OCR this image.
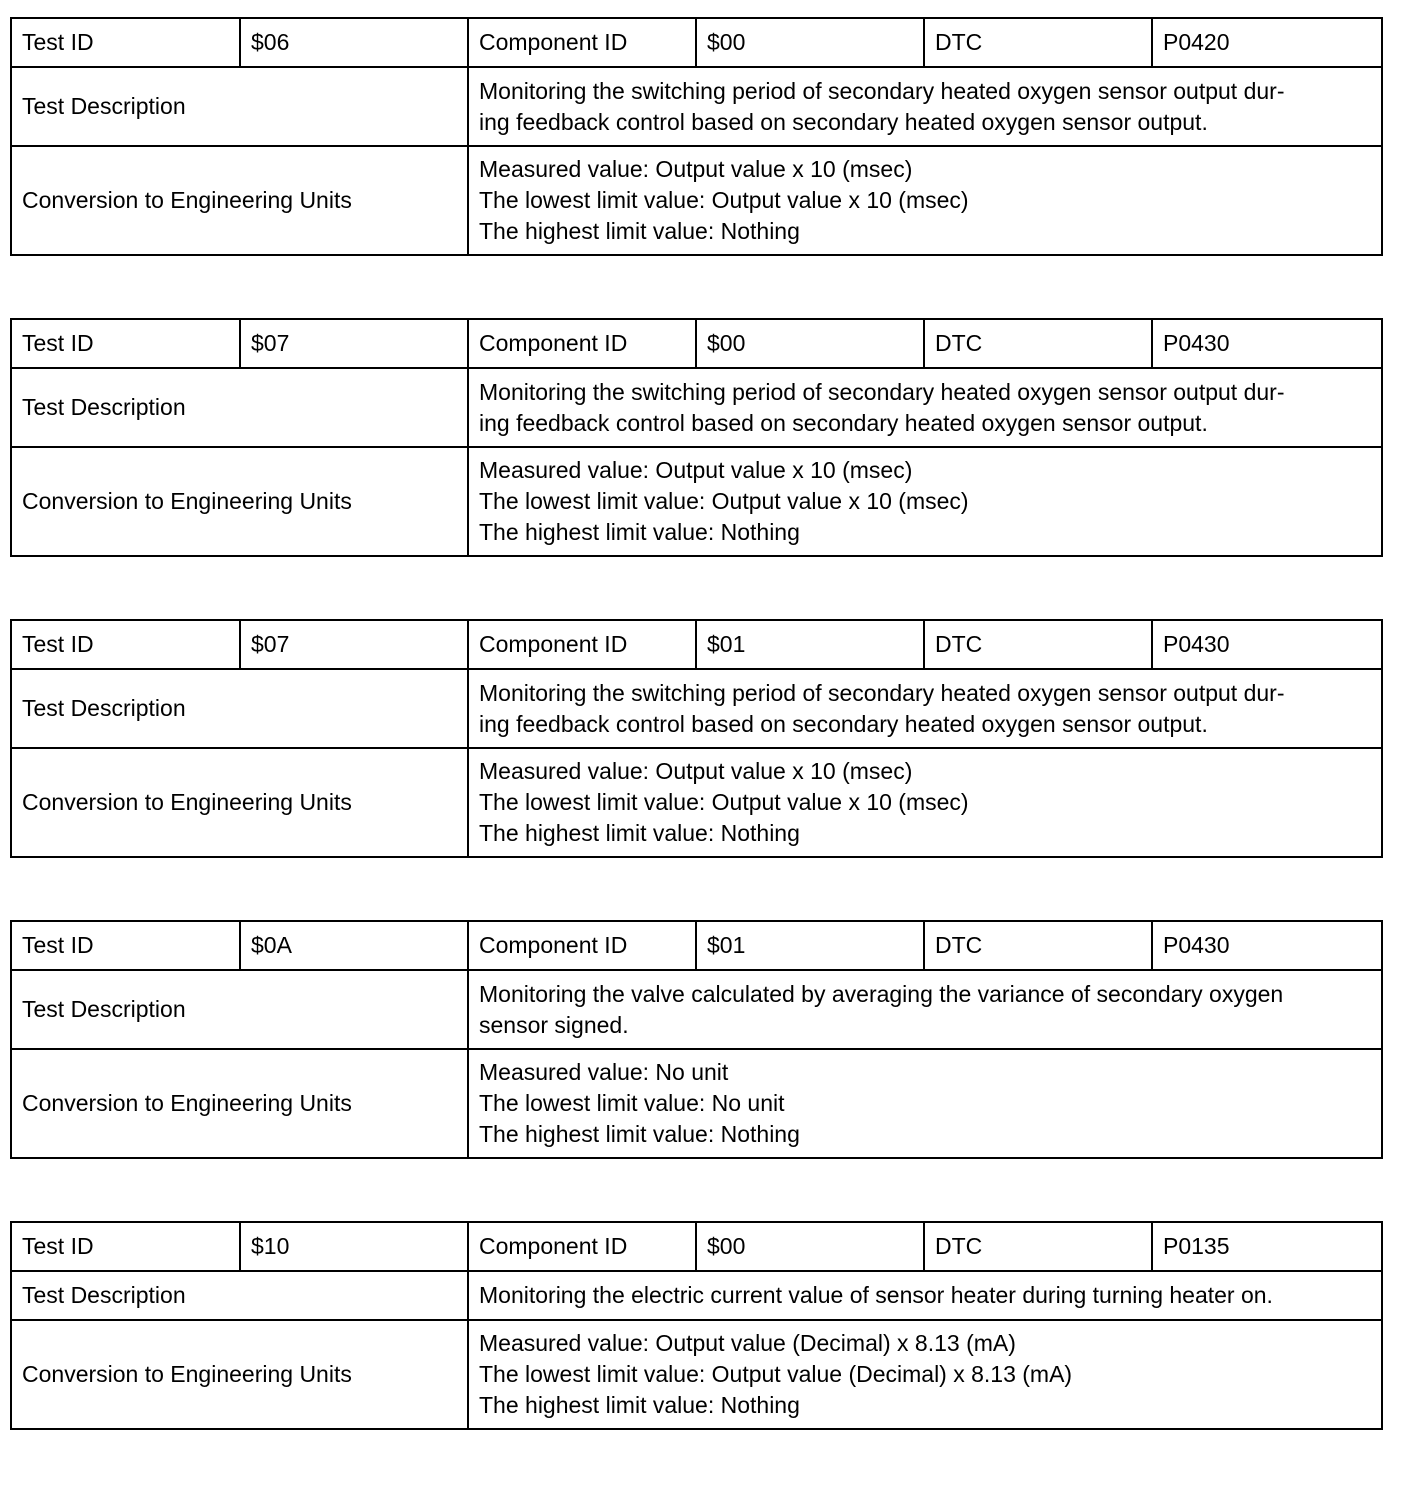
Test ID	$06	Component ID	$00	DTC	P0420
Test Description		Monitoring the switching period of secondary heated oxygen sensor output dur-
ing feedback control based on secondary heated oxygen sensor output.			
Conversion to Engineering Units		Measured value: Output value x 10 (msec)
The lowest limit value: Output value x 10 (msec)
The highest limit value: Nothing			
Test ID	$07	Component ID	$00	DTC	P0430
Test Description		Monitoring the switching period of secondary heated oxygen sensor output dur-
ing feedback control based on secondary heated oxygen sensor output.			
Conversion to Engineering Units		Measured value: Output value x 10 (msec)
The lowest limit value: Output value x 10 (msec)
The highest limit value: Nothing			
Test ID	$07	Component ID	$01	DTC	P0430
Test Description		Monitoring the switching period of secondary heated oxygen sensor output dur-
ing feedback control based on secondary heated oxygen sensor output.			
Conversion to Engineering Units		Measured value: Output value x 10 (msec)
The lowest limit value: Output value x 10 (msec)
The highest limit value: Nothing			
Test ID	$0A	Component ID	$01	DTC	P0430
Test Description		Monitoring the valve calculated by averaging the variance of secondary oxygen
sensor signed.			
Conversion to Engineering Units		Measured value: No unit
The lowest limit value: No unit
The highest limit value: Nothing			
Test ID	$10	Component ID	$00	DTC	P0135
Test Description		Monitoring the electric current value of sensor heater during turning heater on.			
Conversion to Engineering Units		Measured value: Output value (Decimal) x 8.13 (mA)
The lowest limit value: Output value (Decimal) x 8.13 (mA)
The highest limit value: Nothing			
